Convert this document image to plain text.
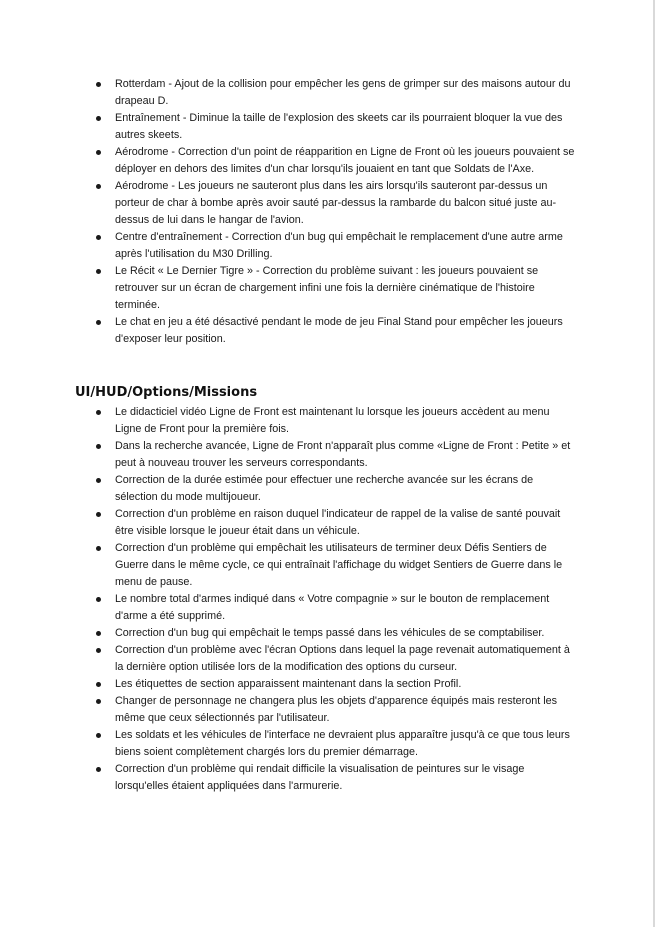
Rotterdam - Ajout de la collision pour empêcher les gens de grimper sur des maisons autour du drapeau D.
Entraînement - Diminue la taille de l'explosion des skeets car ils pourraient bloquer la vue des autres skeets.
Aérodrome - Correction d'un point de réapparition en Ligne de Front où les joueurs pouvaient se déployer en dehors des limites d'un char lorsqu'ils jouaient en tant que Soldats de l'Axe.
Aérodrome - Les joueurs ne sauteront plus dans les airs lorsqu'ils sauteront par-dessus un porteur de char à bombe après avoir sauté par-dessus la rambarde du balcon situé juste au-dessus de lui dans le hangar de l'avion.
Centre d'entraînement - Correction d'un bug qui empêchait le remplacement d'une autre arme après l'utilisation du M30 Drilling.
Le Récit « Le Dernier Tigre » - Correction du problème suivant : les joueurs pouvaient se retrouver sur un écran de chargement infini une fois la dernière cinématique de l'histoire terminée.
Le chat en jeu a été désactivé pendant le mode de jeu Final Stand pour empêcher les joueurs d'exposer leur position.
UI/HUD/Options/Missions
Le didacticiel vidéo Ligne de Front est maintenant lu lorsque les joueurs accèdent au menu Ligne de Front pour la première fois.
Dans la recherche avancée, Ligne de Front n'apparaît plus comme «Ligne de Front : Petite » et peut à nouveau trouver les serveurs correspondants.
Correction de la durée estimée pour effectuer une recherche avancée sur les écrans de sélection du mode multijoueur.
Correction d'un problème en raison duquel l'indicateur de rappel de la valise de santé pouvait être visible lorsque le joueur était dans un véhicule.
Correction d'un problème qui empêchait les utilisateurs de terminer deux Défis Sentiers de Guerre dans le même cycle, ce qui entraînait l'affichage du widget Sentiers de Guerre dans le menu de pause.
Le nombre total d'armes indiqué dans « Votre compagnie » sur le bouton de remplacement d'arme a été supprimé.
Correction d'un bug qui empêchait le temps passé dans les véhicules de se comptabiliser.
Correction d'un problème avec l'écran Options dans lequel la page revenait automatiquement à la dernière option utilisée lors de la modification des options du curseur.
Les étiquettes de section apparaissent maintenant dans la section Profil.
Changer de personnage ne changera plus les objets d'apparence équipés mais resteront les même que ceux sélectionnés par l'utilisateur.
Les soldats et les véhicules de l'interface ne devraient plus apparaître jusqu'à ce que tous leurs biens soient complètement chargés lors du premier démarrage.
Correction d'un problème qui rendait difficile la visualisation de peintures sur le visage lorsqu'elles étaient appliquées dans l'armurerie.
